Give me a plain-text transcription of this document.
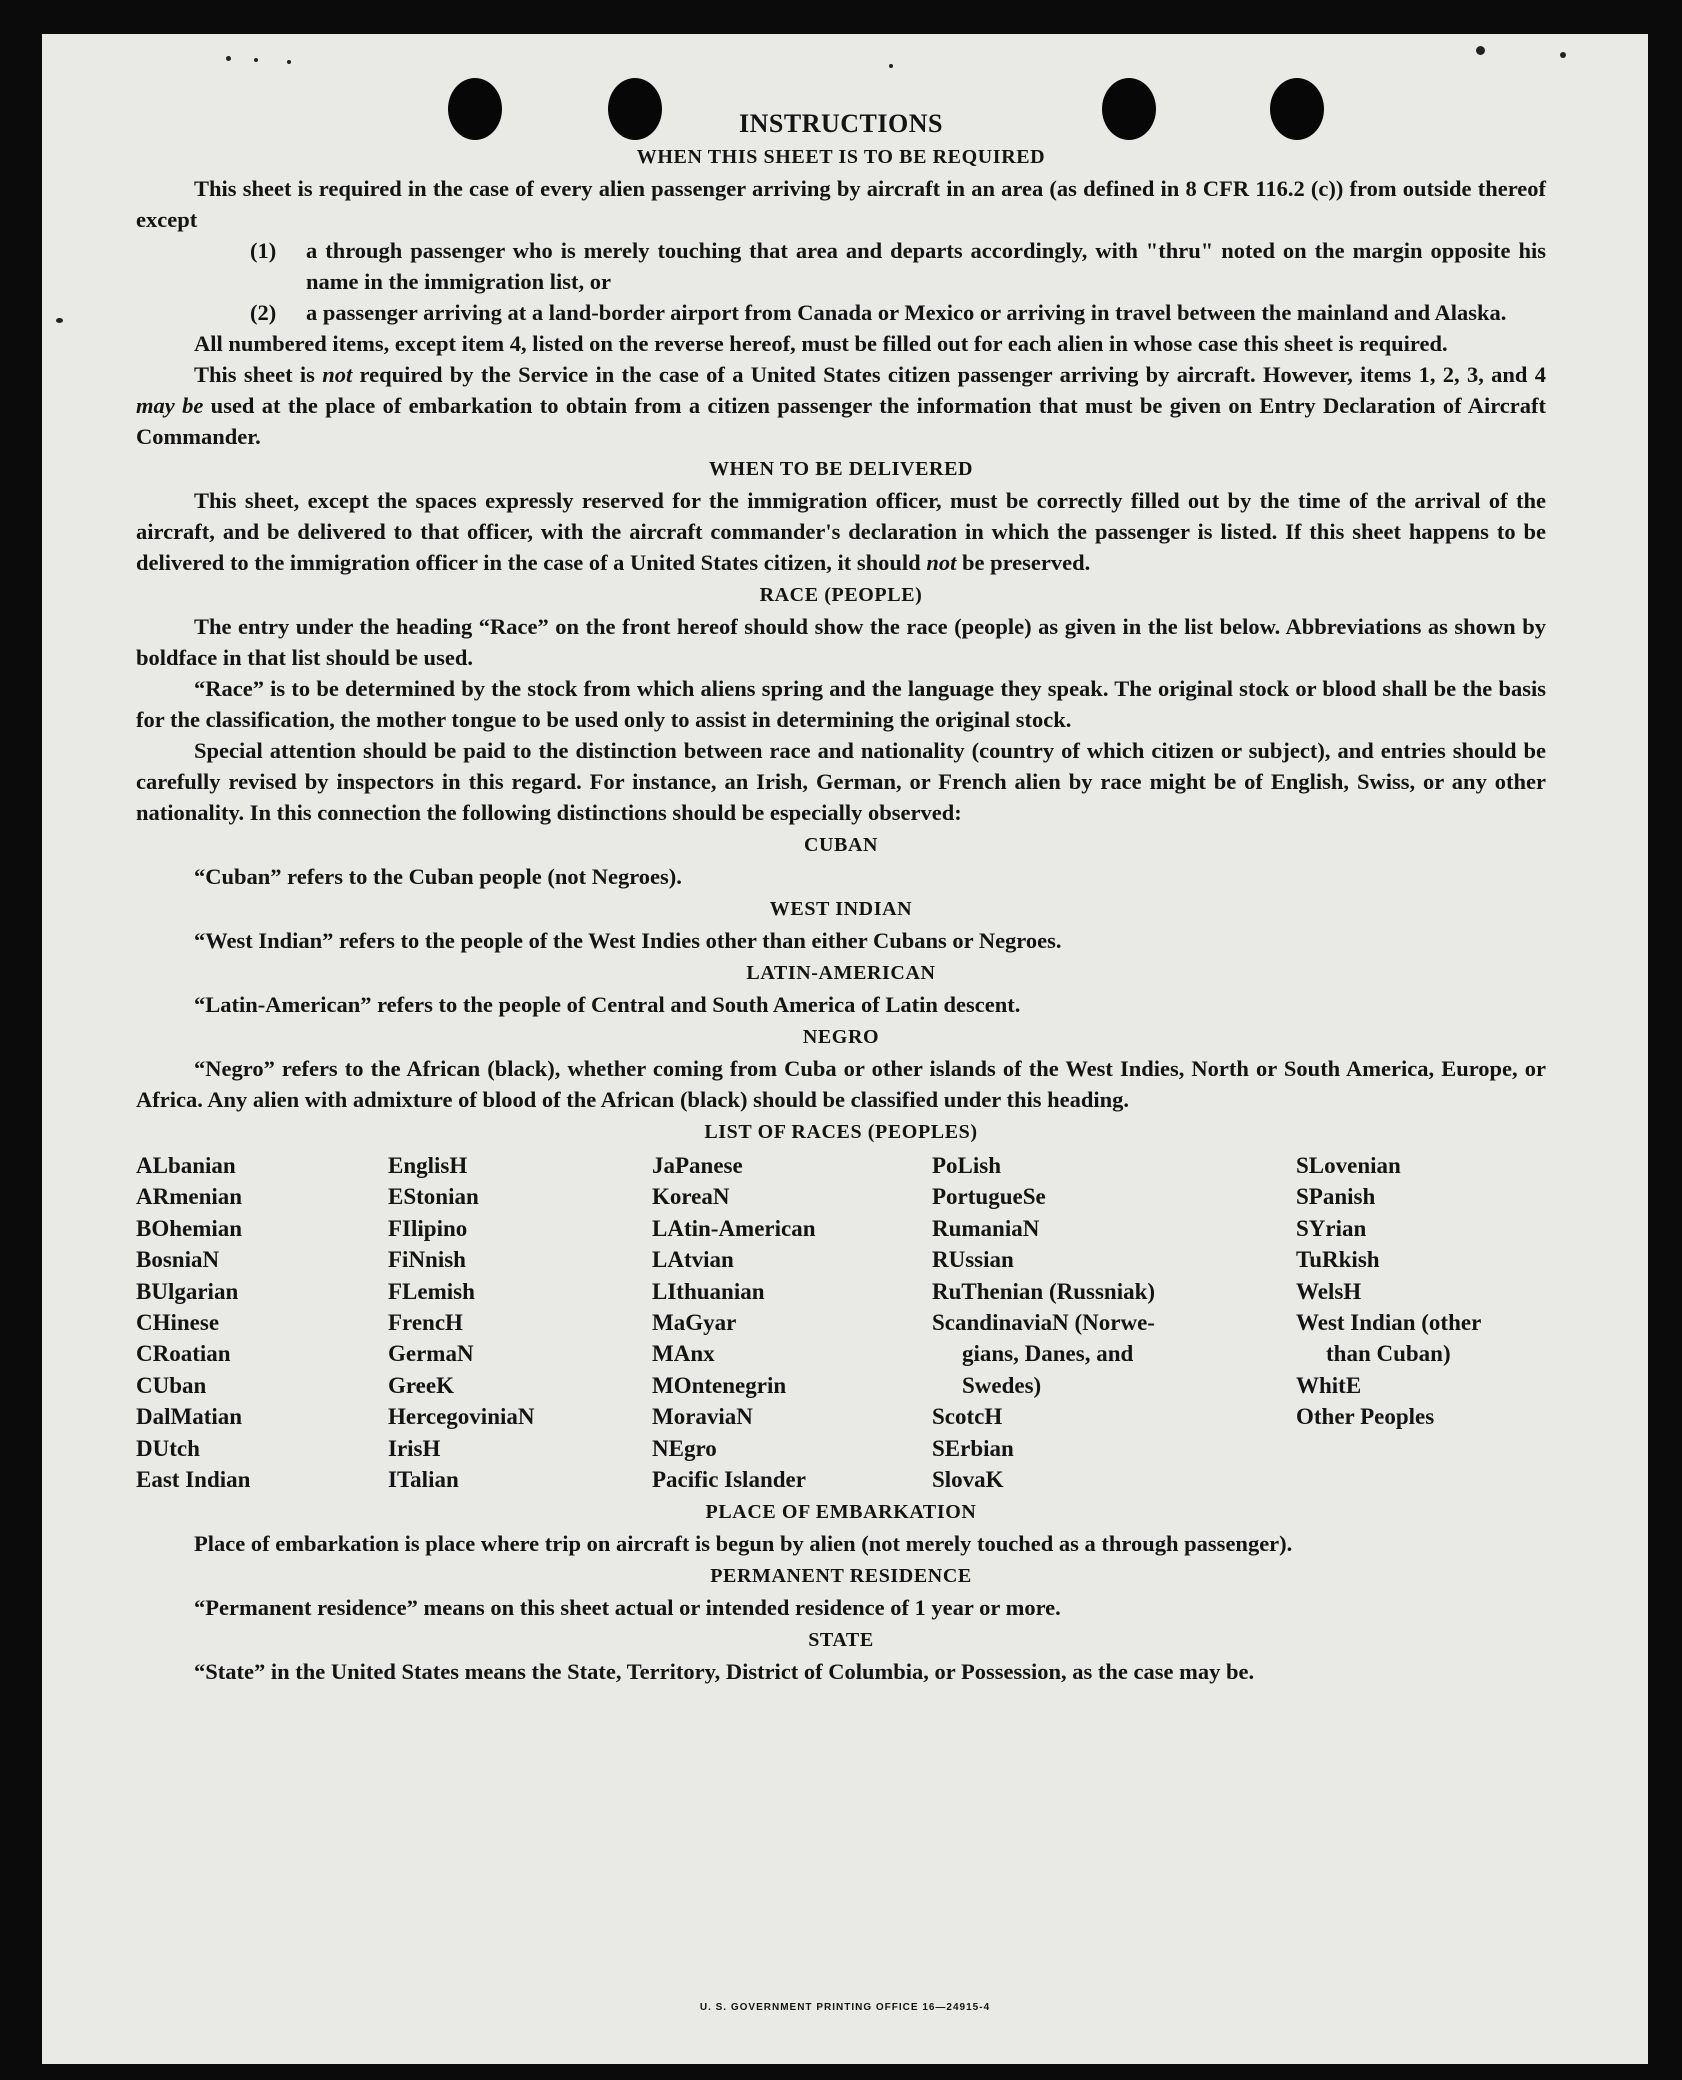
INSTRUCTIONS
WHEN THIS SHEET IS TO BE REQUIRED

This sheet is required in the case of every alien passenger arriving by aircraft in an area (as defined in 8 CFR 116.2 (c)) from outside thereof except

(1)	a through passenger who is merely touching that area and departs accordingly, with "thru" noted on the margin opposite his name in the immigration list, or
(2)	a passenger arriving at a land-border airport from Canada or Mexico or arriving in travel between the mainland and Alaska.

All numbered items, except item 4, listed on the reverse hereof, must be filled out for each alien in whose case this sheet is required.

This sheet is not required by the Service in the case of a United States citizen passenger arriving by aircraft. However, items 1, 2, 3, and 4 may be used at the place of embarkation to obtain from a citizen passenger the information that must be given on Entry Declaration of Aircraft Commander.

WHEN TO BE DELIVERED

This sheet, except the spaces expressly reserved for the immigration officer, must be correctly filled out by the time of the arrival of the aircraft, and be delivered to that officer, with the aircraft commander's declaration in which the passenger is listed. If this sheet happens to be delivered to the immigration officer in the case of a United States citizen, it should not be preserved.

RACE (PEOPLE)

The entry under the heading “Race” on the front hereof should show the race (people) as given in the list below. Abbreviations as shown by boldface in that list should be used.

“Race” is to be determined by the stock from which aliens spring and the language they speak. The original stock or blood shall be the basis for the classification, the mother tongue to be used only to assist in determining the original stock.

Special attention should be paid to the distinction between race and nationality (country of which citizen or subject), and entries should be carefully revised by inspectors in this regard. For instance, an Irish, German, or French alien by race might be of English, Swiss, or any other nationality. In this connection the following distinctions should be especially observed:

CUBAN

“Cuban” refers to the Cuban people (not Negroes).

WEST INDIAN

“West Indian” refers to the people of the West Indies other than either Cubans or Negroes.

LATIN-AMERICAN

“Latin-American” refers to the people of Central and South America of Latin descent.

NEGRO

“Negro” refers to the African (black), whether coming from Cuba or other islands of the West Indies, North or South America, Europe, or Africa. Any alien with admixture of blood of the African (black) should be classified under this heading.

LIST OF RACES (PEOPLES)
ALbanian
ARmenian
BOhemian
BosniaN
BUlgarian
CHinese
CRoatian
CUban
DalMatian
DUtch
East Indian
EnglisH
EStonian
FIlipino
FiNnish
FLemish
FrencH
GermaN
GreeK
HercegoviniaN
IrisH
ITalian
JaPanese
KoreaN
LAtin-American
LAtvian
LIthuanian
MaGyar
MAnx
MOntenegrin
MoraviaN
NEgro
Pacific Islander
PoLish
PortugueSe
RumaniaN
RUssian
RuThenian (Russniak)
ScandinaviaN (Norwe-
gians, Danes, and
Swedes)
ScotcH
SErbian
SlovaK
SLovenian
SPanish
SYrian
TuRkish
WelsH
West Indian (other
than Cuban)
WhitE
Other Peoples
PLACE OF EMBARKATION

Place of embarkation is place where trip on aircraft is begun by alien (not merely touched as a through passenger).

PERMANENT RESIDENCE

“Permanent residence” means on this sheet actual or intended residence of 1 year or more.

STATE

“State” in the United States means the State, Territory, District of Columbia, or Possession, as the case may be.

U. S. GOVERNMENT PRINTING OFFICE 16—24915-4
